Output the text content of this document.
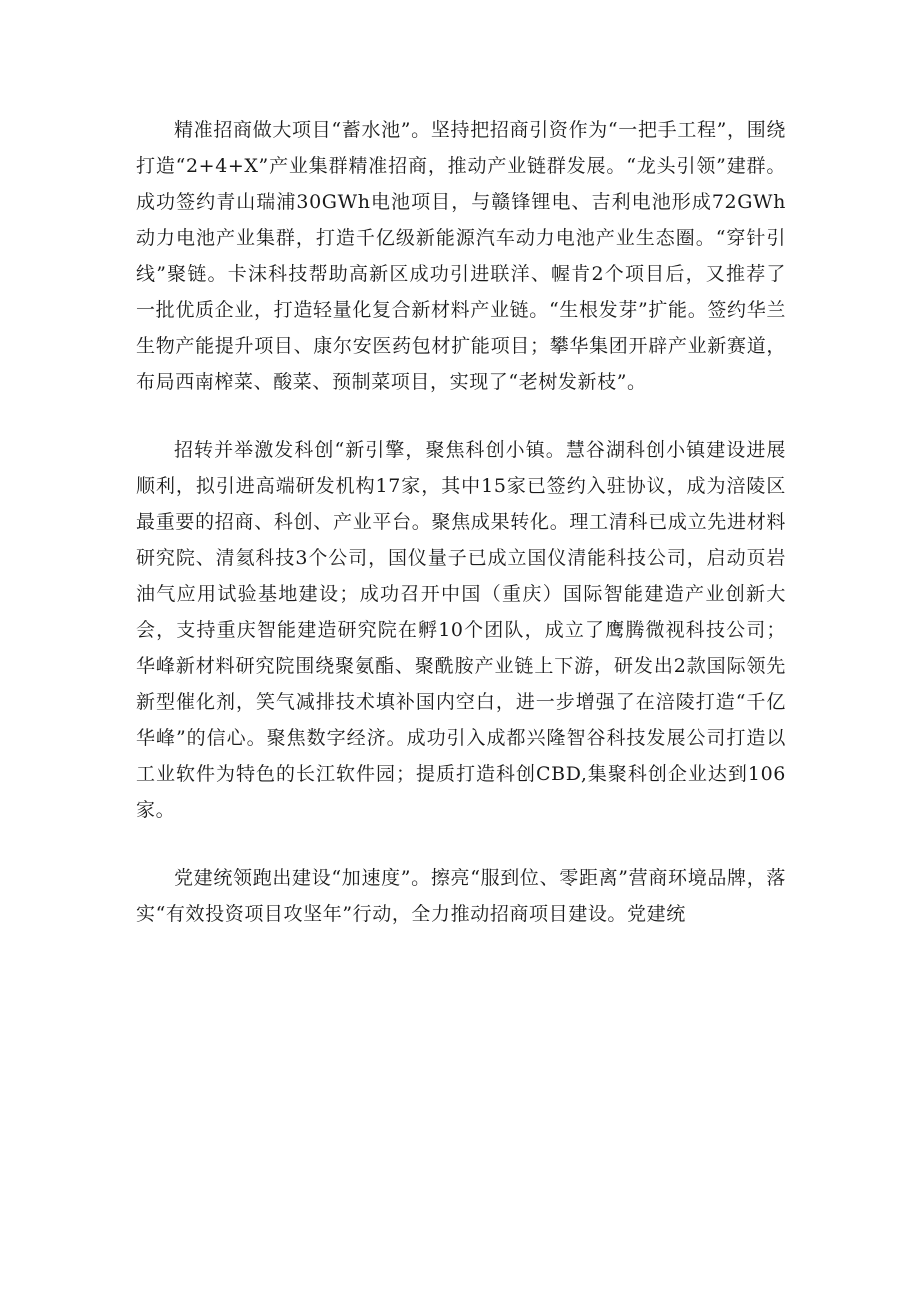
精准招商做大项目“蓄水池”。坚持把招商引资作为“一把手工程”，围绕打造“2+4+X”产业集群精准招商，推动产业链群发展。“龙头引领”建群。成功签约青山瑞浦30GWh电池项目，与赣锋锂电、吉利电池形成72GWh动力电池产业集群，打造千亿级新能源汽车动力电池产业生态圈。“穿针引线”聚链。卡沫科技帮助高新区成功引进联洋、幄肯2个项目后，又推荐了一批优质企业，打造轻量化复合新材料产业链。“生根发芽”扩能。签约华兰生物产能提升项目、康尔安医药包材扩能项目；攀华集团开辟产业新赛道，布局西南榨菜、酸菜、预制菜项目，实现了“老树发新枝”。

招转并举激发科创“新引擎，聚焦科创小镇。慧谷湖科创小镇建设进展顺利，拟引进高端研发机构17家，其中15家已签约入驻协议，成为涪陵区最重要的招商、科创、产业平台。聚焦成果转化。理工清科已成立先进材料研究院、清氦科技3个公司，国仪量子已成立国仪清能科技公司，启动页岩油气应用试验基地建设；成功召开中国（重庆）国际智能建造产业创新大会，支持重庆智能建造研究院在孵10个团队，成立了鹰腾微视科技公司；华峰新材料研究院围绕聚氨酯、聚酰胺产业链上下游，研发出2款国际领先新型催化剂，笑气减排技术填补国内空白，进一步增强了在涪陵打造“千亿华峰”的信心。聚焦数字经济。成功引入成都兴隆智谷科技发展公司打造以工业软件为特色的长江软件园；提质打造科创CBD,集聚科创企业达到106家。

党建统领跑出建设“加速度”。擦亮“服到位、零距离”营商环境品牌，落实“有效投资项目攻坚年”行动，全力推动招商项目建设。党建统
